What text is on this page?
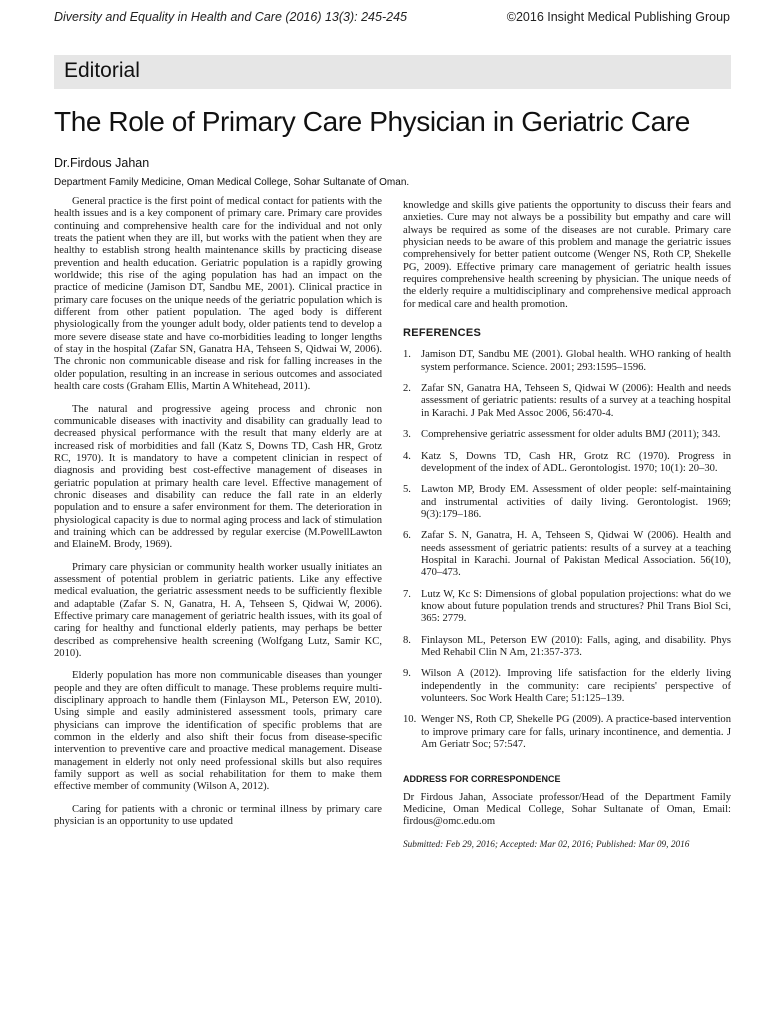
Diversity and Equality in Health and Care (2016) 13(3): 245-245	©2016 Insight Medical Publishing Group
Editorial
The Role of Primary Care Physician in Geriatric Care
Dr.Firdous Jahan
Department Family Medicine, Oman Medical College, Sohar Sultanate of Oman.

General practice is the first point of medical contact for patients with the health issues and is a key component of primary care. Primary care provides continuing and comprehensive health care for the individual and not only treats the patient when they are ill, but works with the patient when they are healthy to establish strong health maintenance skills by practicing disease prevention and health education. Geriatric population is a rapidly growing worldwide; this rise of the aging population has had an impact on the practice of medicine (Jamison DT, Sandbu ME, 2001). Clinical practice in primary care focuses on the unique needs of the geriatric population which is different from other patient population. The aged body is different physiologically from the younger adult body, older patients tend to develop a more severe disease state and have co-morbidities leading to longer lengths of stay in the hospital (Zafar SN, Ganatra HA, Tehseen S, Qidwai W, 2006). The chronic non communicable disease and risk for falling increases in the older population, resulting in an increase in serious outcomes and associated health care costs (Graham Ellis, Martin A Whitehead, 2011).

The natural and progressive ageing process and chronic non communicable diseases with inactivity and disability can gradually lead to decreased physical performance with the result that many elderly are at increased risk of morbidities and fall (Katz S, Downs TD, Cash HR, Grotz RC, 1970). It is mandatory to have a competent clinician in respect of diagnosis and providing best cost-effective management of diseases in geriatric population at primary health care level. Effective management of chronic diseases and disability can reduce the fall rate in an elderly population and to ensure a safer environment for them. The deterioration in physiological capacity is due to normal aging process and lack of stimulation and training which can be addressed by regular exercise (M.PowellLawton and ElaineM. Brody, 1969).

Primary care physician or community health worker usually initiates an assessment of potential problem in geriatric patients. Like any effective medical evaluation, the geriatric assessment needs to be sufficiently flexible and adaptable (Zafar S. N, Ganatra, H. A, Tehseen S, Qidwai W, 2006). Effective primary care management of geriatric health issues, with its goal of caring for healthy and functional elderly patients, may perhaps be better described as comprehensive health screening (Wolfgang Lutz, Samir KC, 2010).

Elderly population has more non communicable diseases than younger people and they are often difficult to manage. These problems require multi-disciplinary approach to handle them (Finlayson ML, Peterson EW, 2010). Using simple and easily administered assessment tools, primary care physicians can improve the identification of specific problems that are common in the elderly and also shift their focus from disease-specific intervention to preventive care and proactive medical management. Disease management in elderly not only need professional skills but also requires family support as well as social rehabilitation for them to make them effective member of community (Wilson A, 2012).

Caring for patients with a chronic or terminal illness by primary care physician is an opportunity to use updated

knowledge and skills give patients the opportunity to discuss their fears and anxieties. Cure may not always be a possibility but empathy and care will always be required as some of the diseases are not curable. Primary care physician needs to be aware of this problem and manage the geriatric issues comprehensively for better patient outcome (Wenger NS, Roth CP, Shekelle PG, 2009). Effective primary care management of geriatric health issues requires comprehensive health screening by physician. The unique needs of the elderly require a multidisciplinary and comprehensive medical approach for medical care and health promotion.

REFERENCES
1. Jamison DT, Sandbu ME (2001). Global health. WHO ranking of health system performance. Science. 2001; 293:1595–1596.
2. Zafar SN, Ganatra HA, Tehseen S, Qidwai W (2006): Health and needs assessment of geriatric patients: results of a survey at a teaching hospital in Karachi. J Pak Med Assoc 2006, 56:470-4.
3. Comprehensive geriatric assessment for older adults BMJ (2011); 343.
4. Katz S, Downs TD, Cash HR, Grotz RC (1970). Progress in development of the index of ADL. Gerontologist. 1970; 10(1): 20–30.
5. Lawton MP, Brody EM. Assessment of older people: self-maintaining and instrumental activities of daily living. Gerontologist. 1969; 9(3):179–186.
6. Zafar S. N, Ganatra, H. A, Tehseen S, Qidwai W (2006). Health and needs assessment of geriatric patients: results of a survey at a teaching Hospital in Karachi. Journal of Pakistan Medical Association. 56(10), 470–473.
7. Lutz W, Kc S: Dimensions of global population projections: what do we know about future population trends and structures? Phil Trans Biol Sci, 365: 2779.
8. Finlayson ML, Peterson EW (2010): Falls, aging, and disability. Phys Med Rehabil Clin N Am, 21:357-373.
9. Wilson A (2012). Improving life satisfaction for the elderly living independently in the community: care recipients' perspective of volunteers. Soc Work Health Care; 51:125–139.
10. Wenger NS, Roth CP, Shekelle PG (2009). A practice-based intervention to improve primary care for falls, urinary incontinence, and dementia. J Am Geriatr Soc; 57:547.
ADDRESS FOR CORRESPONDENCE

Dr Firdous Jahan, Associate professor/Head of the Department Family Medicine, Oman Medical College, Sohar Sultanate of Oman, Email: firdous@omc.edu.om

Submitted: Feb 29, 2016; Accepted: Mar 02, 2016; Published: Mar 09, 2016
